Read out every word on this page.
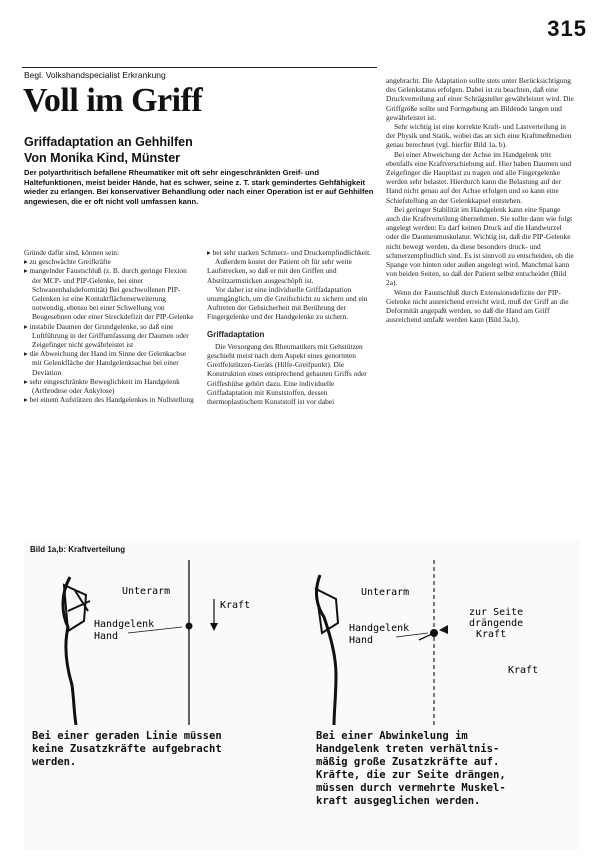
315
Begl. Volkshandspecialist Erkrankung
Voll im Griff
Griffadaptation an Gehhilfen
Von Monika Kind, Münster
Der polyarthritisch befallene Rheumatiker mit oft sehr eingeschränkten Greif- und Haltefunktionen, meist beider Hände, hat es schwer, seine z. T. stark gemindertes Gehfähigkeit wieder zu erlangen. Bei konservativer Behandlung oder nach einer Operation ist er auf Gehhilfen angewiesen, die er oft nicht voll umfassen kann.

Gründe dafür sind, können sein:

▸ zu geschwächte Greifkräfte

▸ mangelnder Faustschluß (z. B. durch geringe Flexion der MCP- und PIP-Gelenke, bei einer Schwanenhalsdeformität) Bei geschwollenen PIP-Gelenken ist eine Kontaktflächenerweiterung notwendig, ebenso bei einer Schwellung von Beugesehnen oder einer Streckdefizit der PIP-Gelenke

▸ instabile Daumen der Grundgelenke, so daß eine Luftführung in der Griffumfassung der Daumen oder Zeigefinger nicht gewährleistet ist

▸ die Abweichung der Hand im Sinne der Gelenkachse mit Gelenkfläche der Handgelenksachse bei einer Deviation

▸ sehr eingeschränkte Beweglichkeit im Handgelenk (Arthrodese oder Ankylose)

▸ bei einem Aufstützen des Handgelenkes in Nullstellung

▸ bei sehr starken Schmerz- und Druckempfindlichkeit.

Außerdem kostet der Patient oft für sehr weite Laufstrecken, so daß er mit den Griffen und Abstützarmsticken ausgeschöpft ist.

Vor daher ist eine individuelle Griffadaptation unumgänglich, um die Greifschicht zu sichern und ein Auftreten der Gehsicherheit mit Berührung der Fingergelenke und der Handgelenke zu sichern.

Griffadaptation

Die Versorgung des Rheumatikers mit Gehstützen geschieht meist nach dem Aspekt eines genormten Greiffelstützen-Geräts (Hilfe-Greifpunkt). Die Konstruktion eines entsprechend gebauten Griffs oder Griffeshülse gehört dazu. Eine individuelle Griffadaptation mit Kunststoffen, dessen thermoplastischem Kunststoff ist vor dabei

angebracht. Die Adaptation sollte stets unter Berücksichtigung des Gelenkstatus erfolgen. Dabei ist zu beachten, daß eine Druckverteilung auf einer Schrägsteller gewährleistet wird. Die Griffgröße sollte und Formgebung am Bildende langen und gewährleistet ist.

Sehr wichtig ist eine korrekte Kraft- und Lastverteilung in der Physik und Statik, wobei das an sich eine Kraftmeßmedien genau berechnet (vgl. hierfür Bild 1a, b).

Bei einer Abweichung der Achse im Handgelenk tritt ebenfalls eine Kraftverschiebung auf. Hier haben Daumen und Zeigefinger die Hauptlast zu tragen und alle Fingergelenke werden sehr belastet. Hierdurch kann die Belastung auf der Hand nicht genau auf der Achse erfolgen und so kann eine Schiefstellung an der Gelenkkapsel entstehen.

Bei geringer Stabilität im Handgelenk kann eine Spange auch die Kraftverteilung übernehmen. Sie sollte dann wie folgt angelegt werden: Es darf keinen Druck auf die Handwurzel oder die Daumenmuskulatur. Wichtig ist, daß die PIP-Gelenke nicht bewegt werden, da diese besonders druck- und schmerzempfindlich sind. Es ist sinnvoll zu entscheiden, ob die Spange von hinten oder außen angelegt wird. Manchmal kann von beiden Seiten, so daß der Patient selbst entscheidet (Bild 2a).

Wenn der Faustschluß durch Extensionsdefizite der PIP-Gelenke nicht ausreichend erreicht wird, muß der Griff an die Deformität angepaßt werden, so daß die Hand am Griff ausreichend umfaßt werden kann (Bild 3a,b).

Bild 1a,b: Kraftverteilung
Unterarm
Kraft
Handgelenk
Hand
Unterarm
zur Seite
drängende
Kraft
Handgelenk
Hand
Kraft
Bei einer geraden Linie müssen
keine Zusatzkräfte aufgebracht
werden.
Bei einer Abwinkelung im
Handgelenk treten verhältnis-
mäßig große Zusatzkräfte auf.
Kräfte, die zur Seite drängen,
müssen durch vermehrte Muskel-
kraft ausgeglichen werden.
